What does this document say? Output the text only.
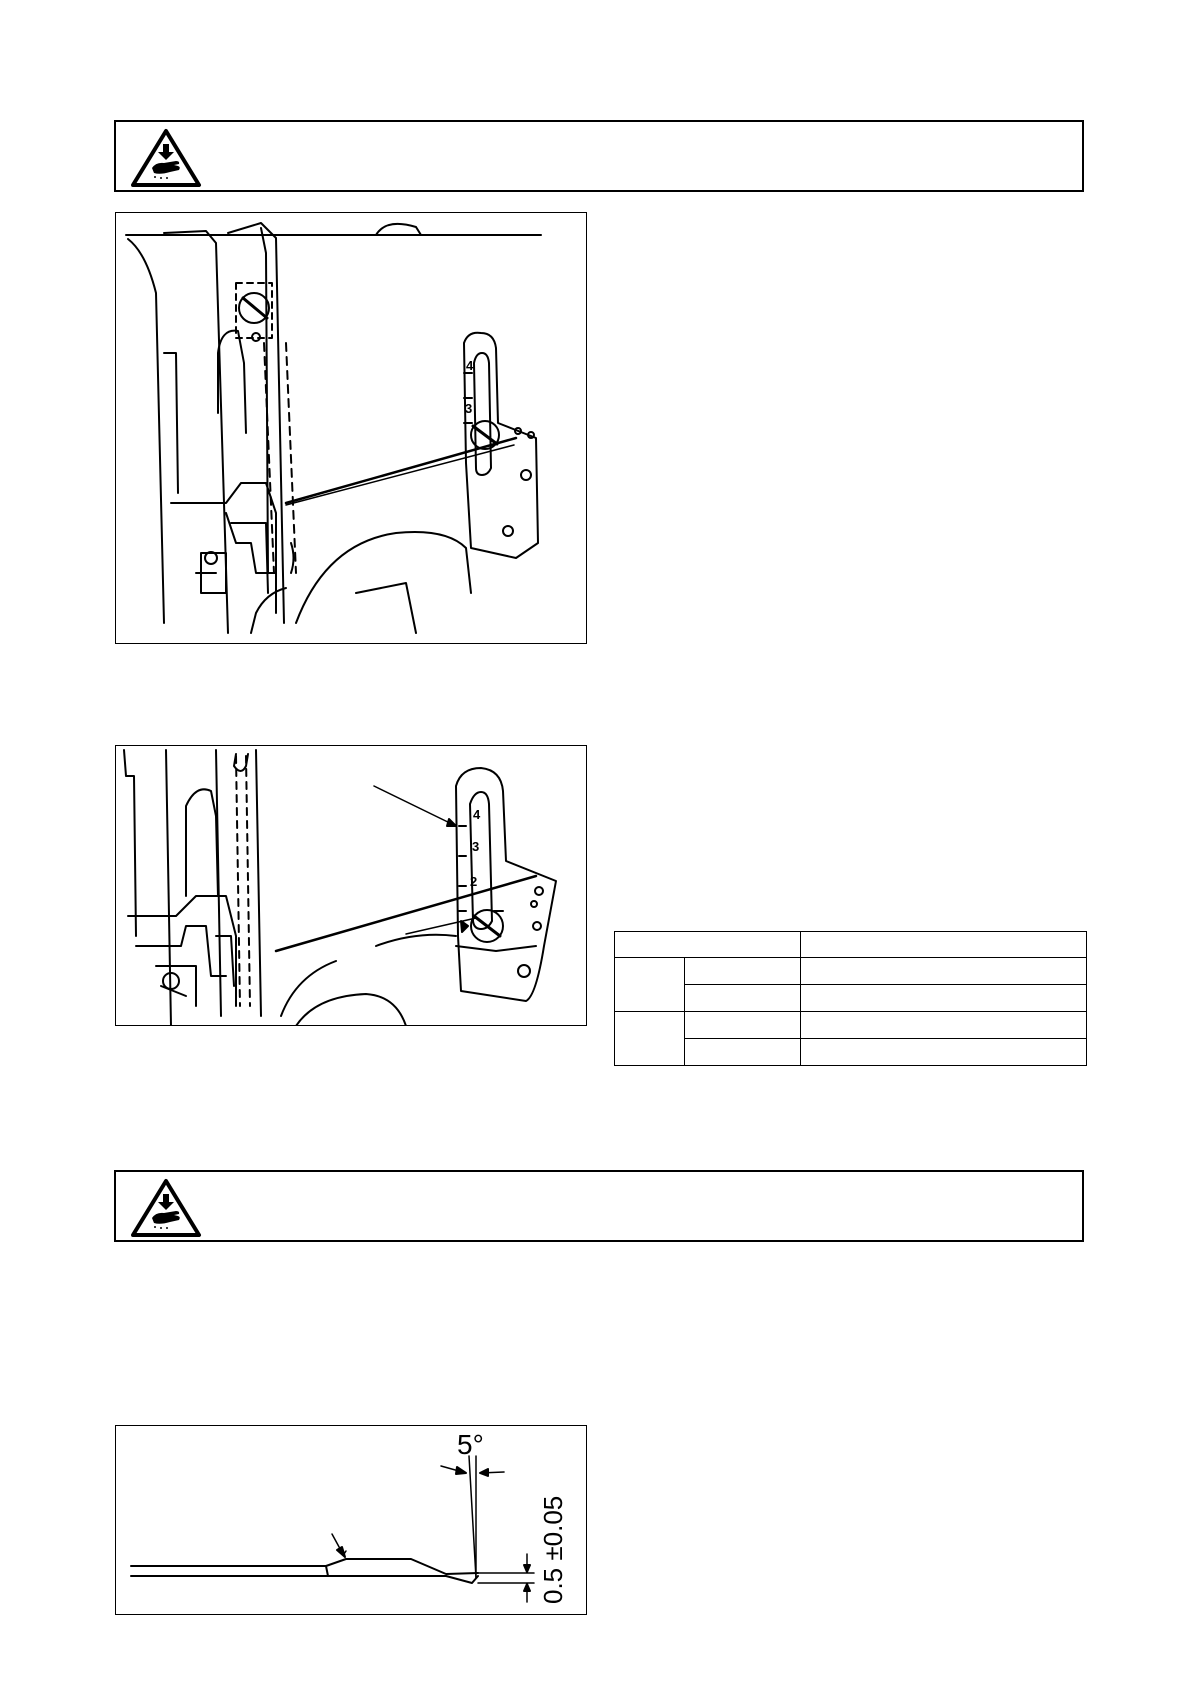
4
3
4
3
2

5°
0.5 ±0.05
